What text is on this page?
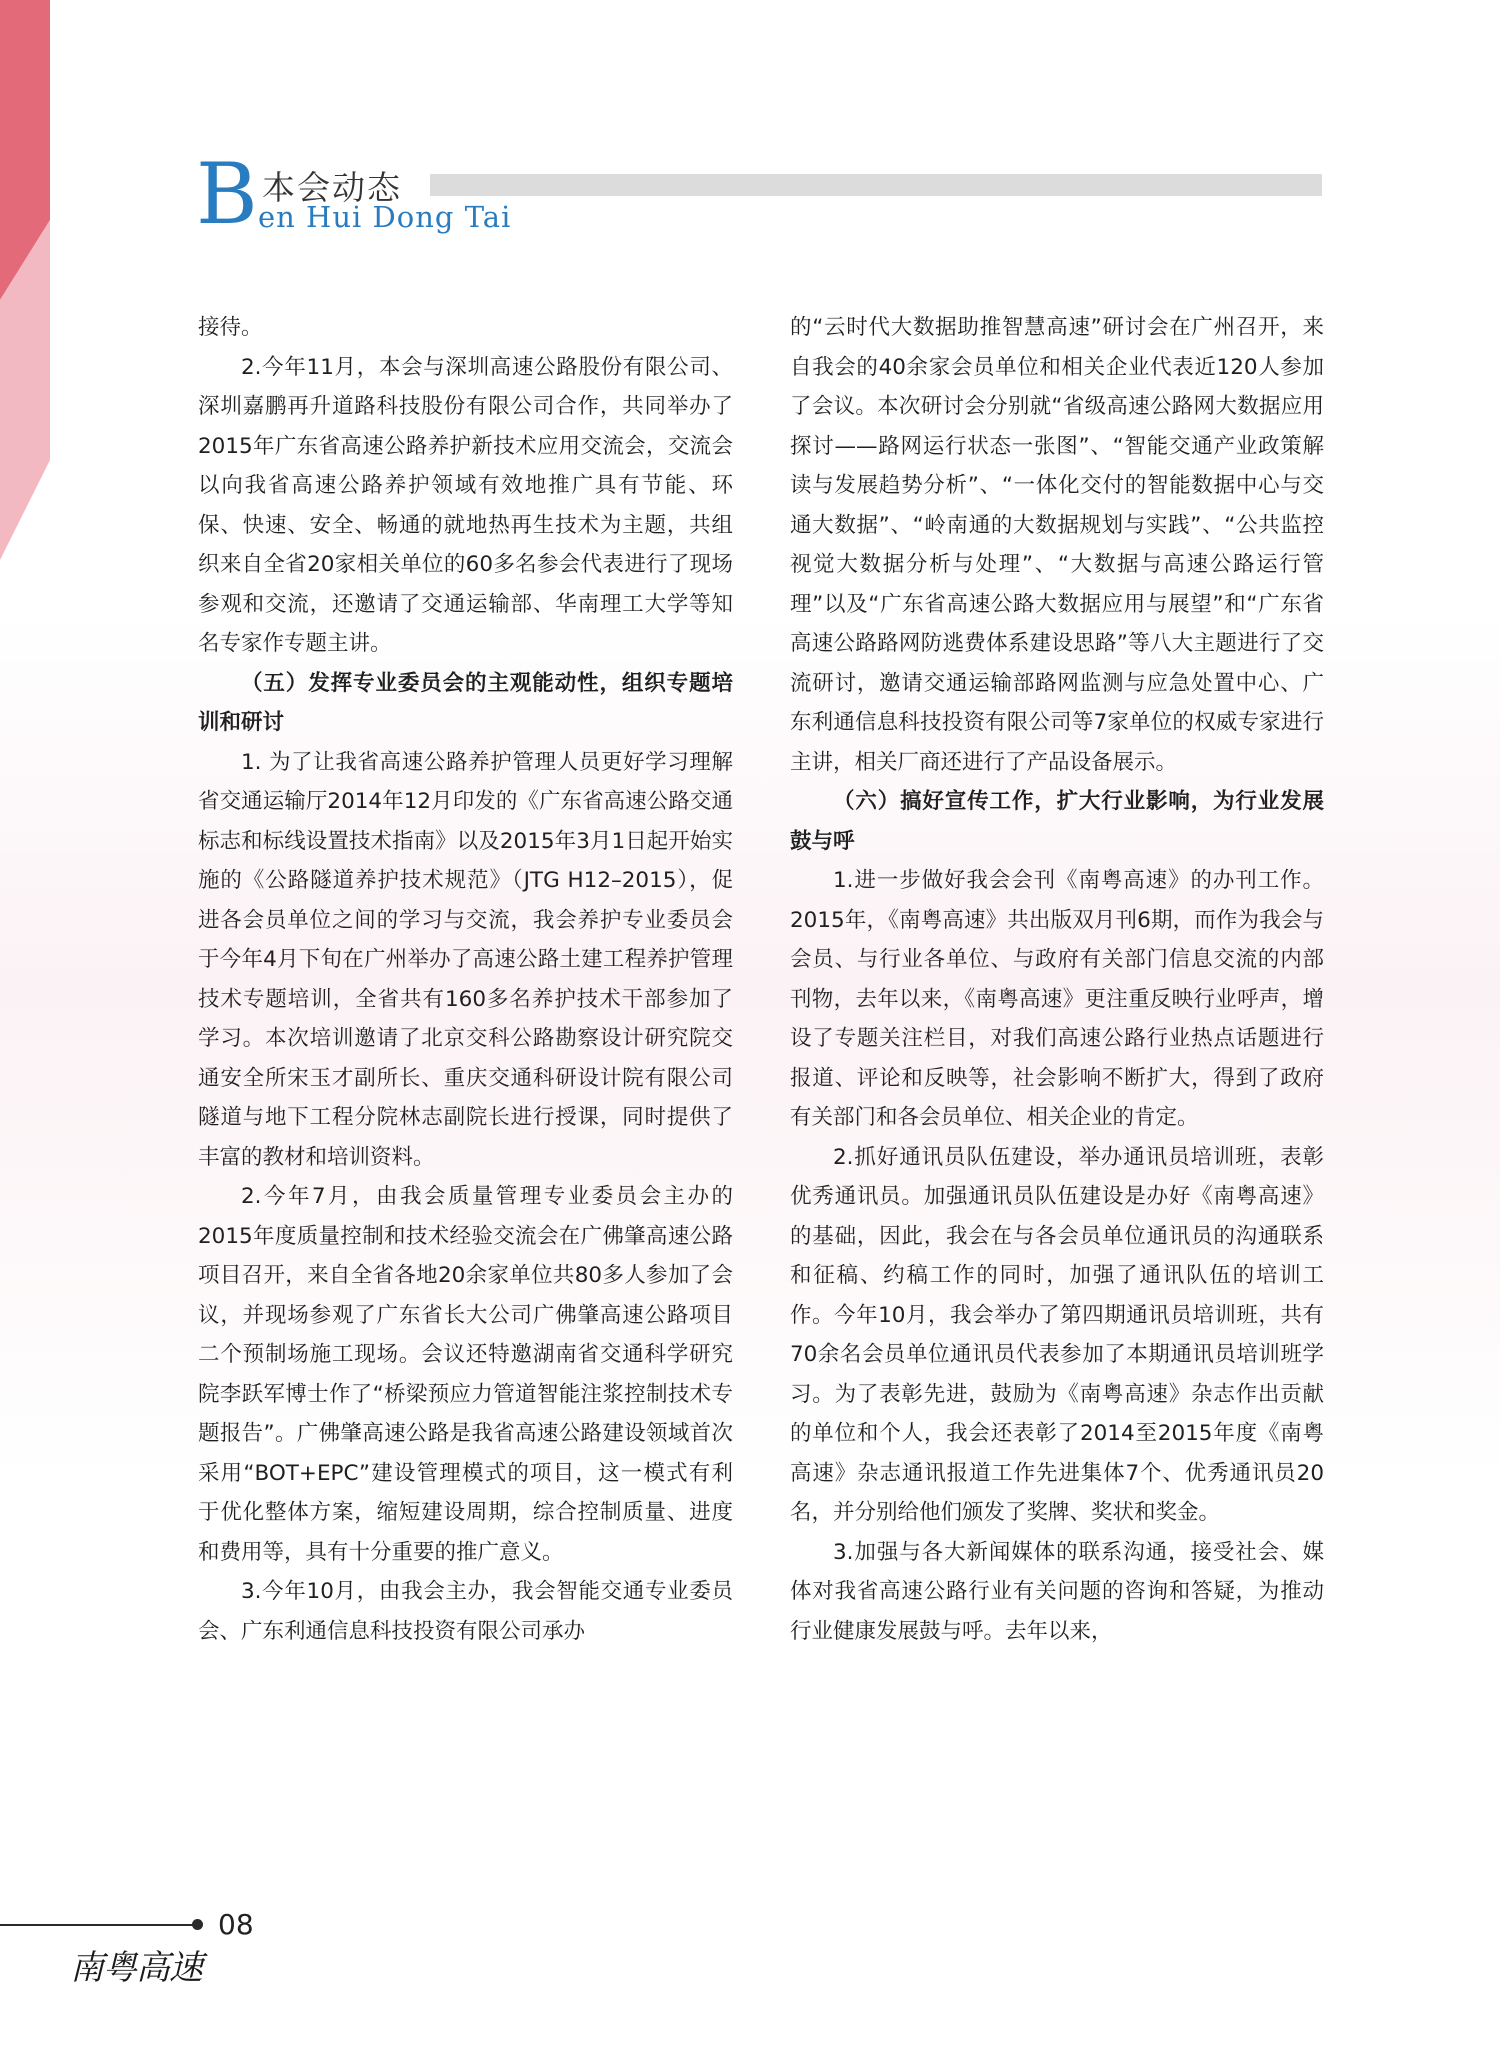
B 本会动态
en Hui Dong Tai

接待。

2.今年11月，本会与深圳高速公路股份有限公司、深圳嘉鹏再升道路科技股份有限公司合作，共同举办了2015年广东省高速公路养护新技术应用交流会，交流会以向我省高速公路养护领域有效地推广具有节能、环保、快速、安全、畅通的就地热再生技术为主题，共组织来自全省20家相关单位的60多名参会代表进行了现场参观和交流，还邀请了交通运输部、华南理工大学等知名专家作专题主讲。

（五）发挥专业委员会的主观能动性，组织专题培训和研讨

1. 为了让我省高速公路养护管理人员更好学习理解省交通运输厅2014年12月印发的《广东省高速公路交通标志和标线设置技术指南》以及2015年3月1日起开始实施的《公路隧道养护技术规范》（JTG H12–2015），促进各会员单位之间的学习与交流，我会养护专业委员会于今年4月下旬在广州举办了高速公路土建工程养护管理技术专题培训，全省共有160多名养护技术干部参加了学习。本次培训邀请了北京交科公路勘察设计研究院交通安全所宋玉才副所长、重庆交通科研设计院有限公司隧道与地下工程分院林志副院长进行授课，同时提供了丰富的教材和培训资料。

2.今年7月，由我会质量管理专业委员会主办的2015年度质量控制和技术经验交流会在广佛肇高速公路项目召开，来自全省各地20余家单位共80多人参加了会议，并现场参观了广东省长大公司广佛肇高速公路项目二个预制场施工现场。会议还特邀湖南省交通科学研究院李跃军博士作了“桥梁预应力管道智能注浆控制技术专题报告”。广佛肇高速公路是我省高速公路建设领域首次采用“BOT+EPC”建设管理模式的项目，这一模式有利于优化整体方案，缩短建设周期，综合控制质量、进度和费用等，具有十分重要的推广意义。

3.今年10月，由我会主办，我会智能交通专业委员会、广东利通信息科技投资有限公司承办

的“云时代大数据助推智慧高速”研讨会在广州召开，来自我会的40余家会员单位和相关企业代表近120人参加了会议。本次研讨会分别就“省级高速公路网大数据应用探讨——路网运行状态一张图”、“智能交通产业政策解读与发展趋势分析”、“一体化交付的智能数据中心与交通大数据”、“岭南通的大数据规划与实践”、“公共监控视觉大数据分析与处理”、“大数据与高速公路运行管理”以及“广东省高速公路大数据应用与展望”和“广东省高速公路路网防逃费体系建设思路”等八大主题进行了交流研讨，邀请交通运输部路网监测与应急处置中心、广东利通信息科技投资有限公司等7家单位的权威专家进行主讲，相关厂商还进行了产品设备展示。

（六）搞好宣传工作，扩大行业影响，为行业发展鼓与呼

1.进一步做好我会会刊《南粤高速》的办刊工作。2015年，《南粤高速》共出版双月刊6期，而作为我会与会员、与行业各单位、与政府有关部门信息交流的内部刊物，去年以来，《南粤高速》更注重反映行业呼声，增设了专题关注栏目，对我们高速公路行业热点话题进行报道、评论和反映等，社会影响不断扩大，得到了政府有关部门和各会员单位、相关企业的肯定。

2.抓好通讯员队伍建设，举办通讯员培训班，表彰优秀通讯员。加强通讯员队伍建设是办好《南粤高速》的基础，因此，我会在与各会员单位通讯员的沟通联系和征稿、约稿工作的同时，加强了通讯队伍的培训工作。今年10月，我会举办了第四期通讯员培训班，共有70余名会员单位通讯员代表参加了本期通讯员培训班学习。为了表彰先进，鼓励为《南粤高速》杂志作出贡献的单位和个人，我会还表彰了2014至2015年度《南粤高速》杂志通讯报道工作先进集体7个、优秀通讯员20名，并分别给他们颁发了奖牌、奖状和奖金。

3.加强与各大新闻媒体的联系沟通，接受社会、媒体对我省高速公路行业有关问题的咨询和答疑，为推动行业健康发展鼓与呼。去年以来，

08
南粤高速
